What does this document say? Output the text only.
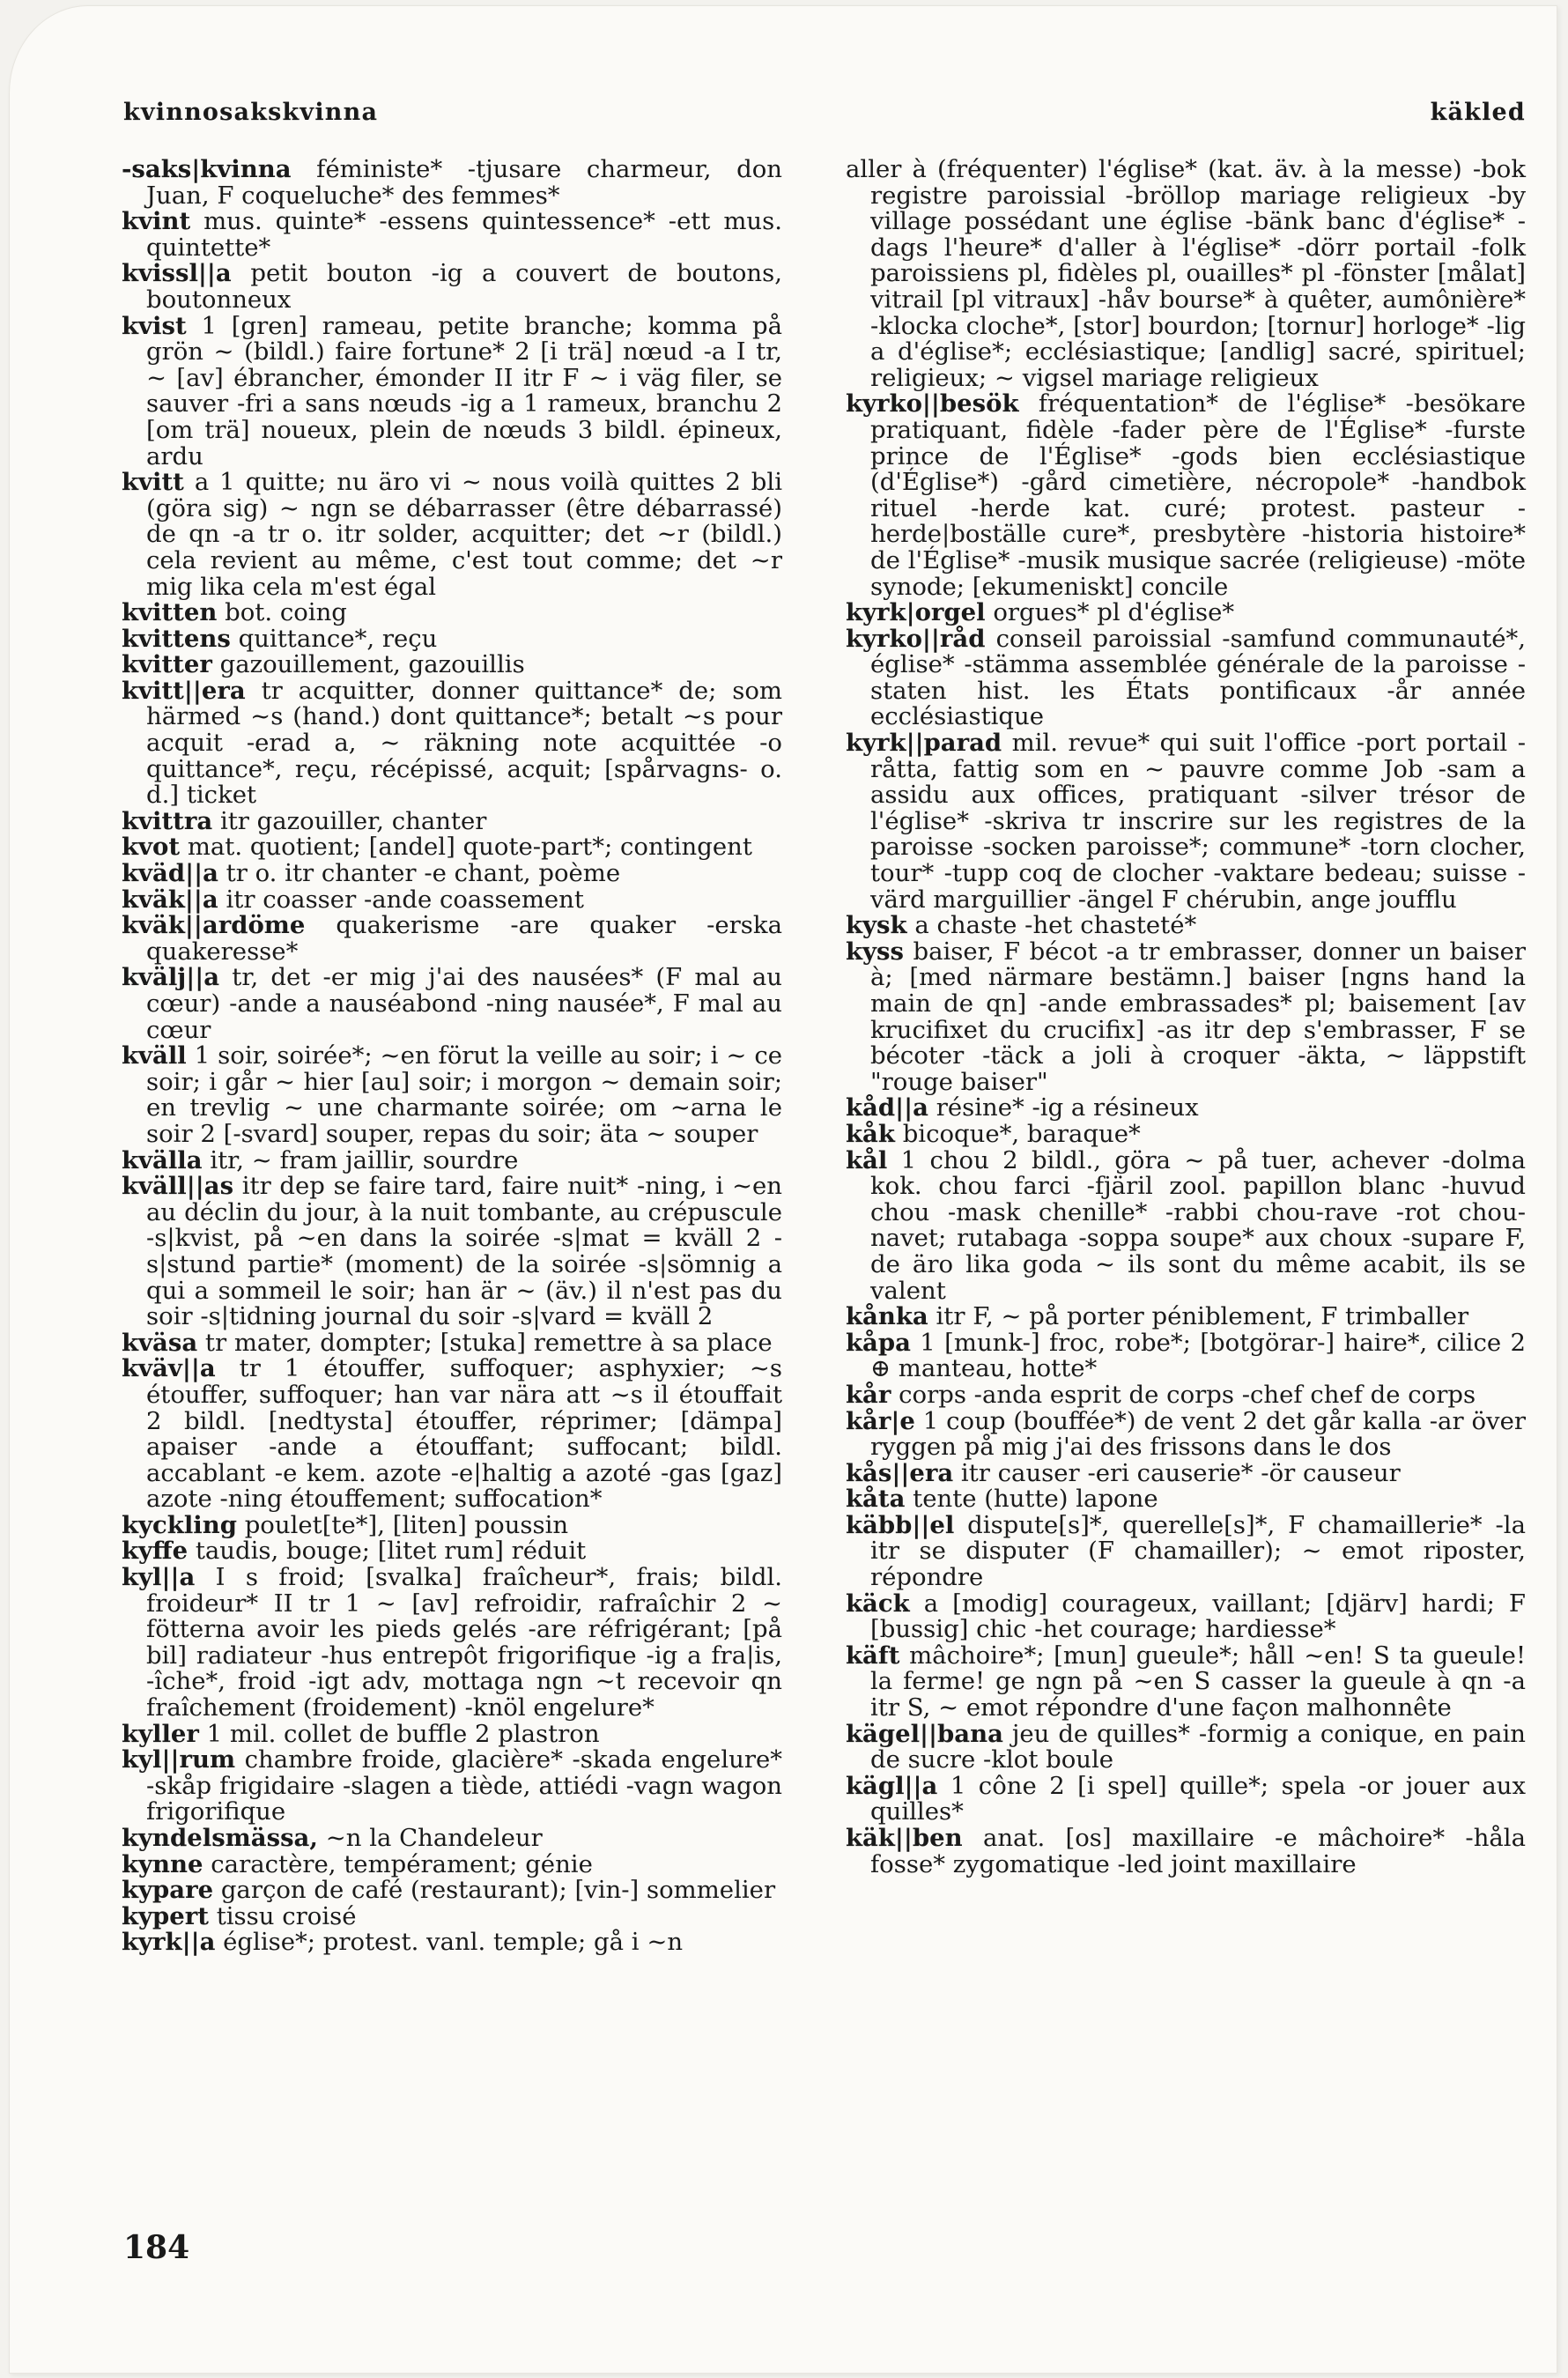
kvinnosakskvinna	käkled

-saks|kvinna féministe* -tjusare charmeur, don Juan, F coqueluche* des femmes*

kvint mus. quinte* -essens quintessence* -ett mus. quintette*

kvissl||a petit bouton -ig a couvert de boutons, boutonneux

kvist 1 [gren] rameau, petite branche; komma på grön ~ (bildl.) faire fortune* 2 [i trä] nœud -a I tr, ~ [av] ébrancher, émonder II itr F ~ i väg filer, se sauver -fri a sans nœuds -ig a 1 rameux, branchu 2 [om trä] noueux, plein de nœuds 3 bildl. épineux, ardu

kvitt a 1 quitte; nu äro vi ~ nous voilà quittes 2 bli (göra sig) ~ ngn se débarrasser (être débarrassé) de qn -a tr o. itr solder, acquitter; det ~r (bildl.) cela revient au même, c'est tout comme; det ~r mig lika cela m'est égal

kvitten bot. coing

kvittens quittance*, reçu

kvitter gazouillement, gazouillis

kvitt||era tr acquitter, donner quittance* de; som härmed ~s (hand.) dont quittance*; betalt ~s pour acquit -erad a, ~ räkning note acquittée -o quittance*, reçu, récépissé, acquit; [spårvagns- o. d.] ticket

kvittra itr gazouiller, chanter

kvot mat. quotient; [andel] quote-part*; contingent

kväd||a tr o. itr chanter -e chant, poème

kväk||a itr coasser -ande coassement

kväk||ardöme quakerisme -are quaker -erska quakeresse*

kvälj||a tr, det -er mig j'ai des nausées* (F mal au cœur) -ande a nauséabond -ning nausée*, F mal au cœur

kväll 1 soir, soirée*; ~en förut la veille au soir; i ~ ce soir; i går ~ hier [au] soir; i morgon ~ demain soir; en trevlig ~ une charmante soirée; om ~arna le soir 2 [-svard] souper, repas du soir; äta ~ souper

kvälla itr, ~ fram jaillir, sourdre

kväll||as itr dep se faire tard, faire nuit* -ning, i ~en au déclin du jour, à la nuit tombante, au crépuscule -s|kvist, på ~en dans la soirée -s|mat = kväll 2 -s|stund partie* (moment) de la soirée -s|sömnig a qui a sommeil le soir; han är ~ (äv.) il n'est pas du soir -s|tidning journal du soir -s|vard = kväll 2

kväsa tr mater, dompter; [stuka] remettre à sa place

kväv||a tr 1 étouffer, suffoquer; asphyxier; ~s étouffer, suffoquer; han var nära att ~s il étouffait 2 bildl. [nedtysta] étouffer, réprimer; [dämpa] apaiser -ande a étouffant; suffocant; bildl. accablant -e kem. azote -e|haltig a azoté -gas [gaz] azote -ning étouffement; suffocation*

kyckling poulet[te*], [liten] poussin

kyffe taudis, bouge; [litet rum] réduit

kyl||a I s froid; [svalka] fraîcheur*, frais; bildl. froideur* II tr 1 ~ [av] refroidir, rafraîchir 2 ~ fötterna avoir les pieds gelés -are réfrigérant; [på bil] radiateur -hus entrepôt frigorifique -ig a fra|is, -îche*, froid -igt adv, mottaga ngn ~t recevoir qn fraîchement (froidement) -knöl engelure*

kyller 1 mil. collet de buffle 2 plastron

kyl||rum chambre froide, glacière* -skada engelure* -skåp frigidaire -slagen a tiède, attiédi -vagn wagon frigorifique

kyndelsmässa, ~n la Chandeleur

kynne caractère, tempérament; génie

kypare garçon de café (restaurant); [vin-] sommelier

kypert tissu croisé

kyrk||a église*; protest. vanl. temple; gå i ~n

aller à (fréquenter) l'église* (kat. äv. à la messe) -bok registre paroissial -bröllop mariage religieux -by village possédant une église -bänk banc d'église* -dags l'heure* d'aller à l'église* -dörr portail -folk paroissiens pl, fidèles pl, ouailles* pl -fönster [målat] vitrail [pl vitraux] -håv bourse* à quêter, aumônière* -klocka cloche*, [stor] bourdon; [tornur] horloge* -lig a d'église*; ecclésiastique; [andlig] sacré, spirituel; religieux; ~ vigsel mariage religieux

kyrko||besök fréquentation* de l'église* -besökare pratiquant, fidèle -fader père de l'Église* -furste prince de l'Église* -gods bien ecclésiastique (d'Église*) -gård cimetière, nécropole* -handbok rituel -herde kat. curé; protest. pasteur -herde|boställe cure*, presbytère -historia histoire* de l'Église* -musik musique sacrée (religieuse) -möte synode; [ekumeniskt] concile

kyrk|orgel orgues* pl d'église*

kyrko||råd conseil paroissial -samfund communauté*, église* -stämma assemblée générale de la paroisse -staten hist. les États pontificaux -år année ecclésiastique

kyrk||parad mil. revue* qui suit l'office -port portail -råtta, fattig som en ~ pauvre comme Job -sam a assidu aux offices, pratiquant -silver trésor de l'église* -skriva tr inscrire sur les registres de la paroisse -socken paroisse*; commune* -torn clocher, tour* -tupp coq de clocher -vaktare bedeau; suisse -värd marguillier -ängel F chérubin, ange joufflu

kysk a chaste -het chasteté*

kyss baiser, F bécot -a tr embrasser, donner un baiser à; [med närmare bestämn.] baiser [ngns hand la main de qn] -ande embrassades* pl; baisement [av krucifixet du crucifix] -as itr dep s'embrasser, F se bécoter -täck a joli à croquer -äkta, ~ läppstift "rouge baiser"

kåd||a résine* -ig a résineux

kåk bicoque*, baraque*

kål 1 chou 2 bildl., göra ~ på tuer, achever -dolma kok. chou farci -fjäril zool. papillon blanc -huvud chou -mask chenille* -rabbi chou-rave -rot chou-navet; rutabaga -soppa soupe* aux choux -supare F, de äro lika goda ~ ils sont du même acabit, ils se valent

kånka itr F, ~ på porter péniblement, F trimballer

kåpa 1 [munk-] froc, robe*; [botgörar-] haire*, cilice 2 ⊕ manteau, hotte*

kår corps -anda esprit de corps -chef chef de corps

kår|e 1 coup (bouffée*) de vent 2 det går kalla -ar över ryggen på mig j'ai des frissons dans le dos

kås||era itr causer -eri causerie* -ör causeur

kåta tente (hutte) lapone

käbb||el dispute[s]*, querelle[s]*, F chamaillerie* -la itr se disputer (F chamailler); ~ emot riposter, répondre

käck a [modig] courageux, vaillant; [djärv] hardi; F [bussig] chic -het courage; hardiesse*

käft mâchoire*; [mun] gueule*; håll ~en! S ta gueule! la ferme! ge ngn på ~en S casser la gueule à qn -a itr S, ~ emot répondre d'une façon malhonnête

kägel||bana jeu de quilles* -formig a conique, en pain de sucre -klot boule

kägl||a 1 cône 2 [i spel] quille*; spela -or jouer aux quilles*

käk||ben anat. [os] maxillaire -e mâchoire* -håla fosse* zygomatique -led joint maxillaire

184
